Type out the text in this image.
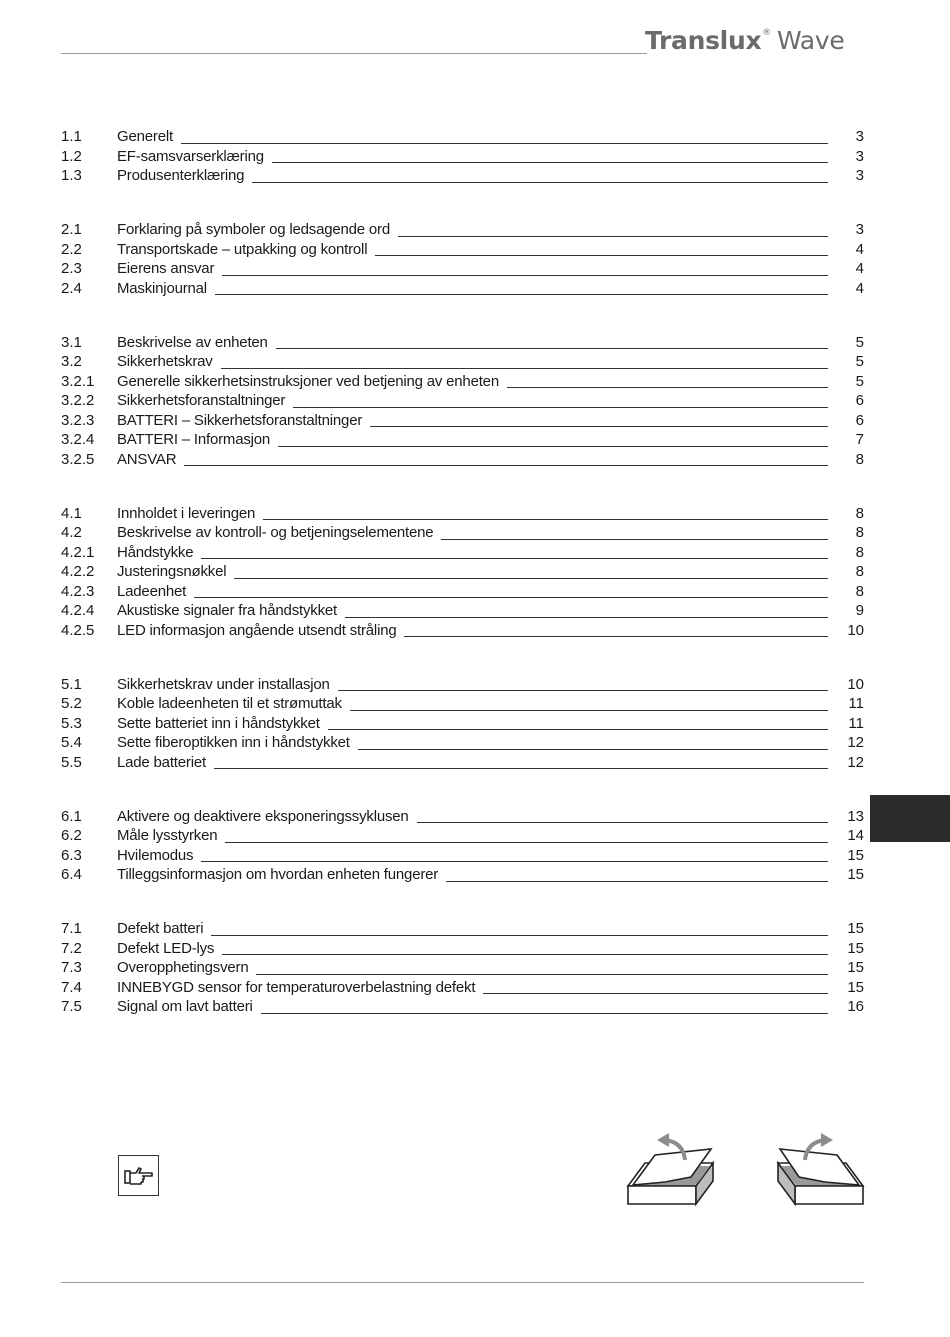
Translux ® Wave
1.1	Generelt	3
1.2	EF-samsvarserklæring	3
1.3	Produsenterklæring	3
2.1	Forklaring på symboler og ledsagende ord	3
2.2	Transportskade – utpakking og kontroll	4
2.3	Eierens ansvar	4
2.4	Maskinjournal	4
3.1	Beskrivelse av enheten	5
3.2	Sikkerhetskrav	5
3.2.1	Generelle sikkerhetsinstruksjoner ved betjening av enheten	5
3.2.2	Sikkerhetsforanstaltninger	6
3.2.3	BATTERI – Sikkerhetsforanstaltninger	6
3.2.4	BATTERI – Informasjon	7
3.2.5	ANSVAR	8
4.1	Innholdet i leveringen	8
4.2	Beskrivelse av kontroll- og betjeningselementene	8
4.2.1	Håndstykke	8
4.2.2	Justeringsnøkkel	8
4.2.3	Ladeenhet	8
4.2.4	Akustiske signaler fra håndstykket	9
4.2.5	LED informasjon angående utsendt stråling	10
5.1	Sikkerhetskrav under installasjon	10
5.2	Koble ladeenheten til et strømuttak	11
5.3	Sette batteriet inn i håndstykket	11
5.4	Sette fiberoptikken inn i håndstykket	12
5.5	Lade batteriet	12
6.1	Aktivere og deaktivere eksponeringssyklusen	13
6.2	Måle lysstyrken	14
6.3	Hvilemodus	15
6.4	Tilleggsinformasjon om hvordan enheten fungerer	15
7.1	Defekt batteri	15
7.2	Defekt LED-lys	15
7.3	Overopphetingsvern	15
7.4	INNEBYGD sensor for temperaturoverbelastning defekt	15
7.5	Signal om lavt batteri	16
